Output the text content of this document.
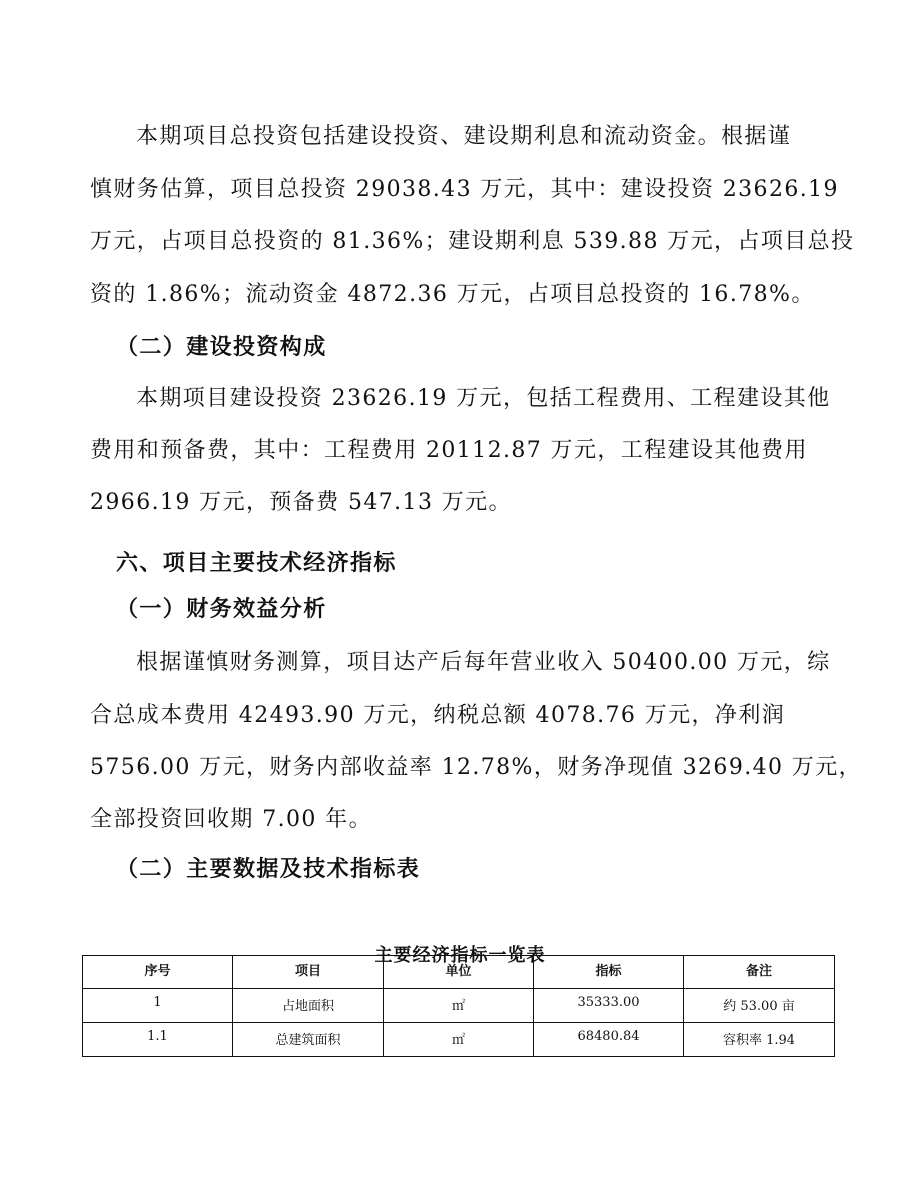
本期项目总投资包括建设投资、建设期利息和流动资金。根据谨
慎财务估算，项目总投资 29038.43 万元，其中：建设投资 23626.19
万元，占项目总投资的 81.36%；建设期利息 539.88 万元，占项目总投
资的 1.86%；流动资金 4872.36 万元，占项目总投资的 16.78%。
（二）建设投资构成
本期项目建设投资 23626.19 万元，包括工程费用、工程建设其他
费用和预备费，其中：工程费用 20112.87 万元，工程建设其他费用
2966.19 万元，预备费 547.13 万元。
六、项目主要技术经济指标
（一）财务效益分析
根据谨慎财务测算，项目达产后每年营业收入 50400.00 万元，综
合总成本费用 42493.90 万元，纳税总额 4078.76 万元，净利润
5756.00 万元，财务内部收益率 12.78%，财务净现值 3269.40 万元，
全部投资回收期 7.00 年。
（二）主要数据及技术指标表
主要经济指标一览表
序号	项目	单位	指标	备注
1	占地面积	㎡	35333.00	约 53.00 亩
1.1	总建筑面积	㎡	68480.84	容积率 1.94
